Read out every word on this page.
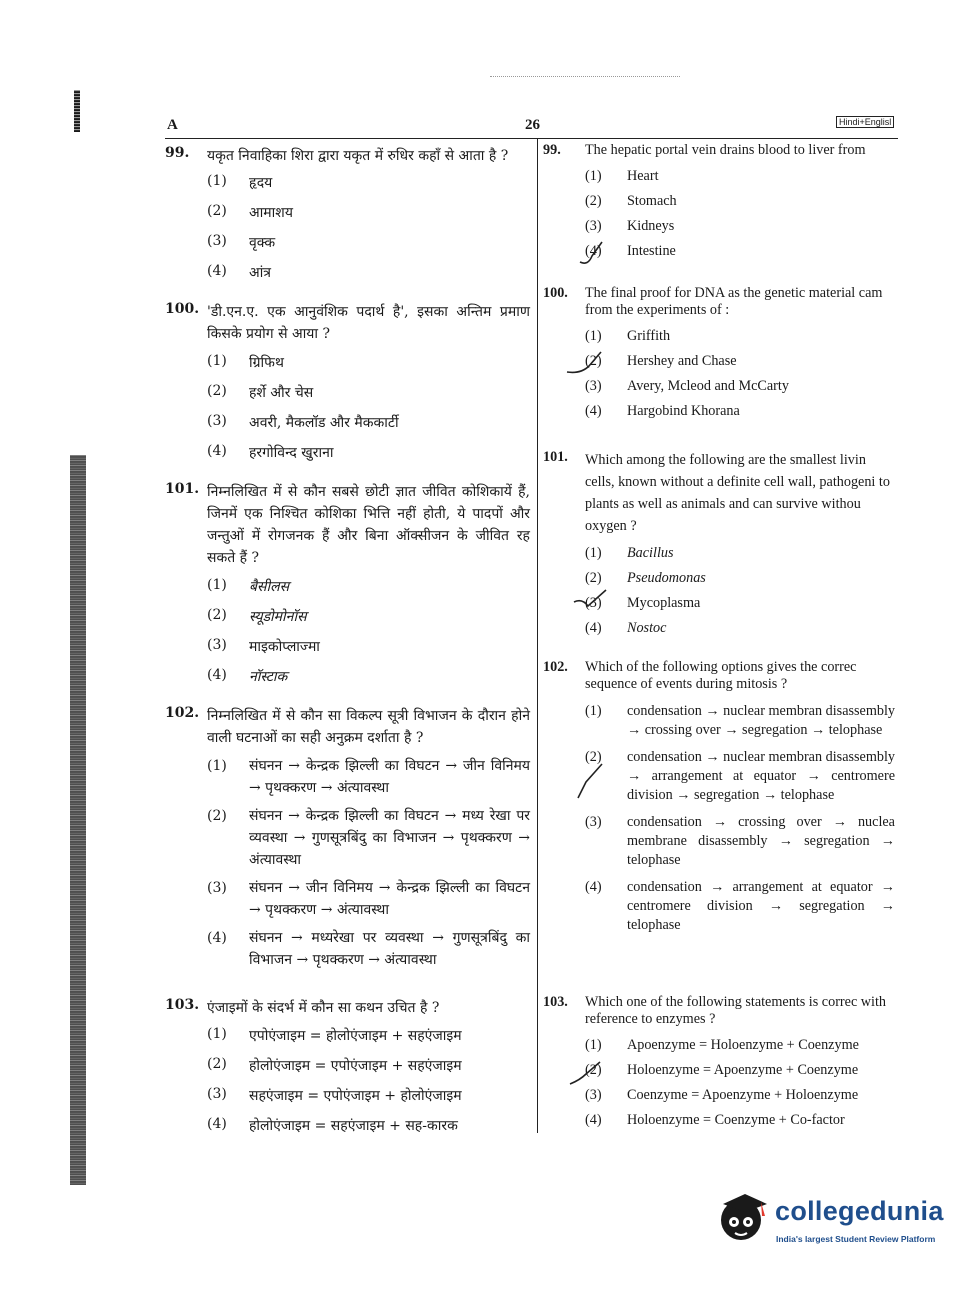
A	26	Hindi+Englisl
99. यकृत निवाहिका शिरा द्वारा यकृत में रुधिर कहाँ से आता है ?
(1) हृदय
(2) आमाशय
(3) वृक्क
(4) आंत्र
100. 'डी.एन.ए. एक आनुवंशिक पदार्थ है', इसका अन्तिम प्रमाण किसके प्रयोग से आया ?
(1) ग्रिफिथ
(2) हर्शे और चेस
(3) अवरी, मैकलॉड और मैककार्टी
(4) हरगोविन्द खुराना
101. निम्नलिखित में से कौन सबसे छोटी ज्ञात जीवित कोशिकायें हैं, जिनमें एक निश्चित कोशिका भित्ति नहीं होती, ये पादपों और जन्तुओं में रोगजनक हैं और बिना ऑक्सीजन के जीवित रह सकते हैं ?
(1) बैसीलस
(2) स्यूडोमोनॉस
(3) माइकोप्लाज्मा
(4) नॉस्टाक
102. निम्नलिखित में से कौन सा विकल्प सूत्री विभाजन के दौरान होने वाली घटनाओं का सही अनुक्रम दर्शाता है ?
(1) संघनन → केन्द्रक झिल्ली का विघटन → जीन विनिमय → पृथक्करण → अंत्यावस्था
(2) संघनन → केन्द्रक झिल्ली का विघटन → मध्य रेखा पर व्यवस्था → गुणसूत्रबिंदु का विभाजन → पृथक्करण → अंत्यावस्था
(3) संघनन → जीन विनिमय → केन्द्रक झिल्ली का विघटन → पृथक्करण → अंत्यावस्था
(4) संघनन → मध्यरेखा पर व्यवस्था → गुणसूत्रबिंदु का विभाजन → पृथक्करण → अंत्यावस्था
103. एंजाइमों के संदर्भ में कौन सा कथन उचित है ?
(1) एपोएंजाइम = होलोएंजाइम + सहएंजाइम
(2) होलोएंजाइम = एपोएंजाइम + सहएंजाइम
(3) सहएंजाइम = एपोएंजाइम + होलोएंजाइम
(4) होलोएंजाइम = सहएंजाइम + सह-कारक
99. The hepatic portal vein drains blood to liver from
(1) Heart
(2) Stomach
(3) Kidneys
(4) Intestine
100. The final proof for DNA as the genetic material cam from the experiments of :
(1) Griffith
(2) Hershey and Chase
(3) Avery, Mcleod and McCarty
(4) Hargobind Khorana
101. Which among the following are the smallest livin cells, known without a definite cell wall, pathogeni to plants as well as animals and can survive withou oxygen ?
(1) Bacillus
(2) Pseudomonas
(3) Mycoplasma
(4) Nostoc
102. Which of the following options gives the correc sequence of events during mitosis ?
(1) condensation → nuclear membran disassembly → crossing over → segregation → telophase
(2) condensation → nuclear membran disassembly → arrangement at equator → centromere division → segregation → telophase
(3) condensation → crossing over → nuclea membrane disassembly → segregation → telophase
(4) condensation → arrangement at equator → centromere division → segregation → telophase
103. Which one of the following statements is correc with reference to enzymes ?
(1) Apoenzyme = Holoenzyme + Coenzyme
(2) Holoenzyme = Apoenzyme + Coenzyme
(3) Coenzyme = Apoenzyme + Holoenzyme
(4) Holoenzyme = Coenzyme + Co-factor
collegedunia
India's largest Student Review Platform
